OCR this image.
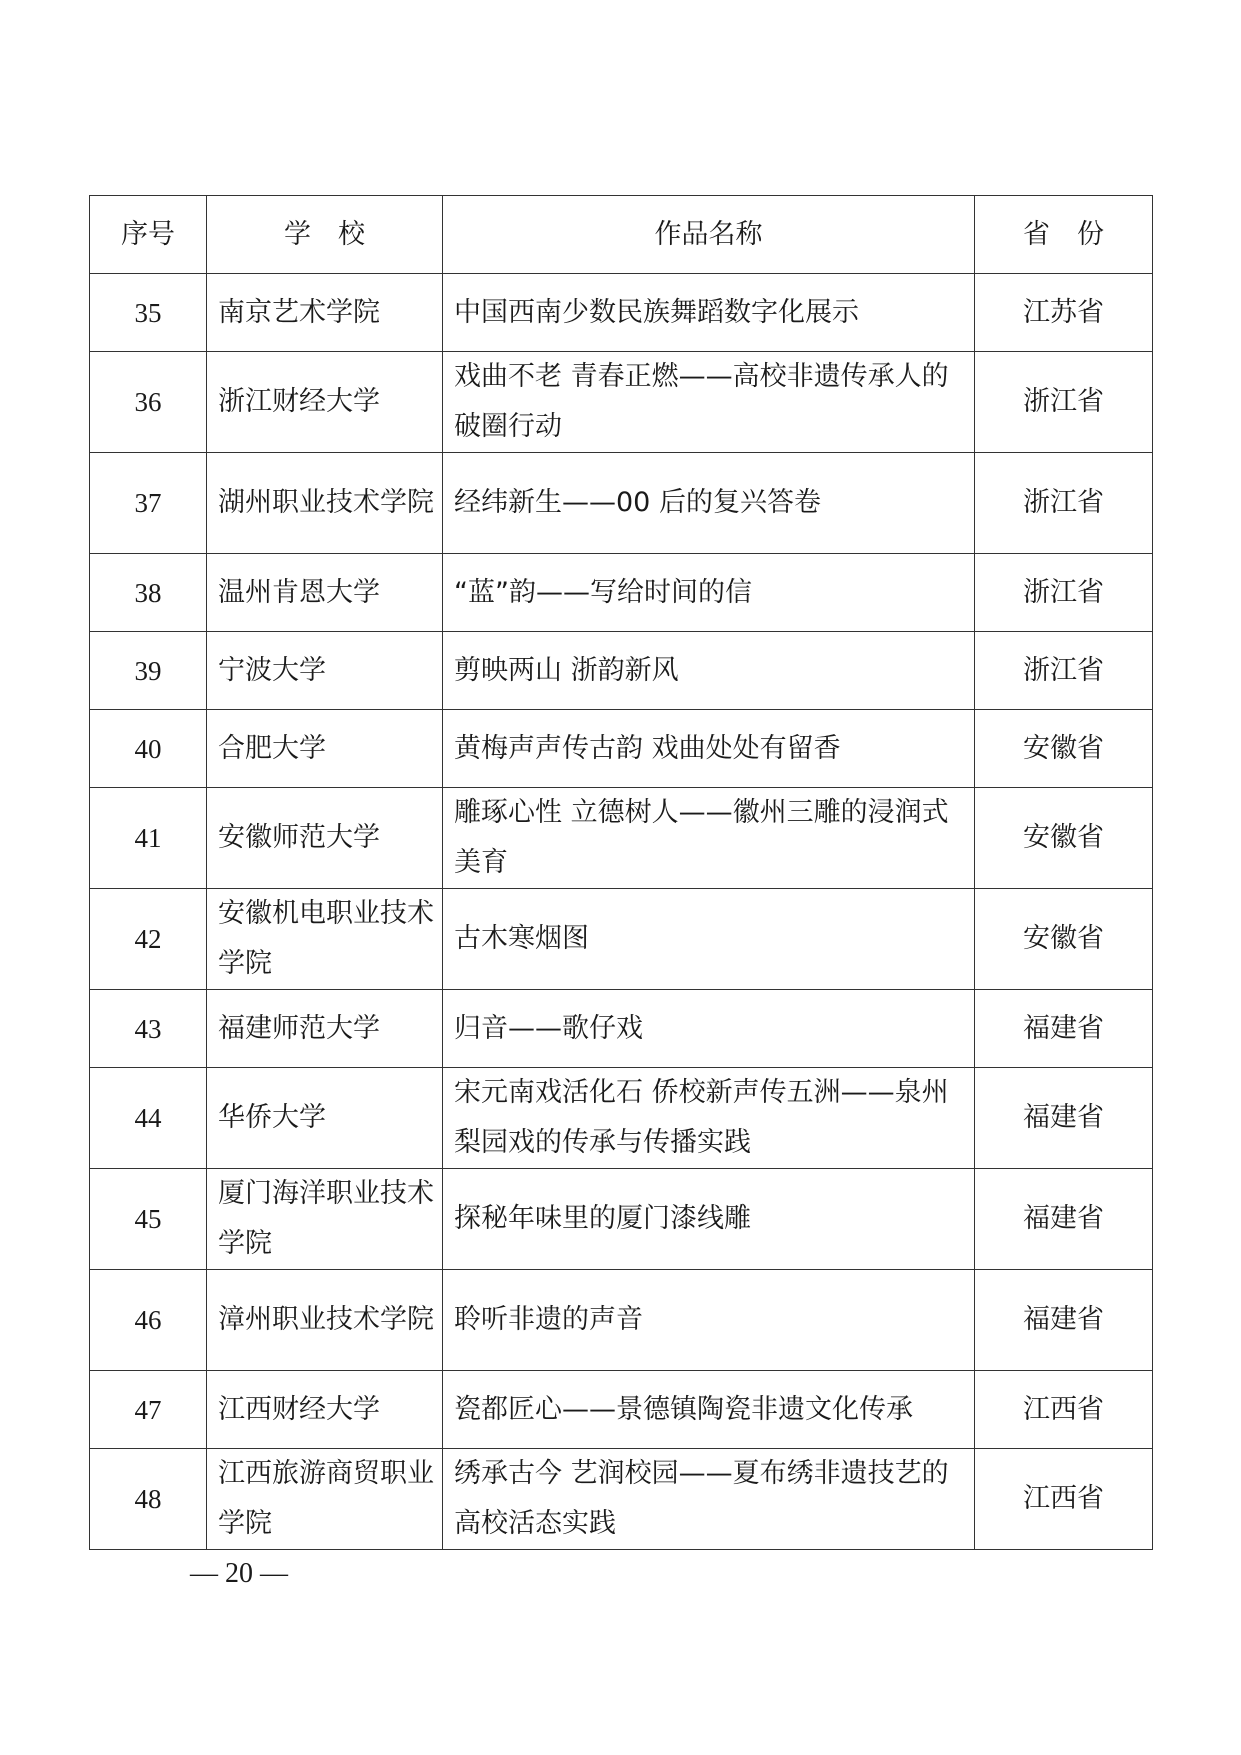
序号	学　校	作品名称	省　份
35	南京艺术学院	中国西南少数民族舞蹈数字化展示	江苏省
36	浙江财经大学	戏曲不老 青春正燃——高校非遗传承人的破圈行动	浙江省
37	湖州职业技术学院	经纬新生——00 后的复兴答卷	浙江省
38	温州肯恩大学	“蓝”韵——写给时间的信	浙江省
39	宁波大学	剪映两山 浙韵新风	浙江省
40	合肥大学	黄梅声声传古韵 戏曲处处有留香	安徽省
41	安徽师范大学	雕琢心性 立德树人——徽州三雕的浸润式美育	安徽省
42	安徽机电职业技术学院	古木寒烟图	安徽省
43	福建师范大学	归音——歌仔戏	福建省
44	华侨大学	宋元南戏活化石 侨校新声传五洲——泉州梨园戏的传承与传播实践	福建省
45	厦门海洋职业技术学院	探秘年味里的厦门漆线雕	福建省
46	漳州职业技术学院	聆听非遗的声音	福建省
47	江西财经大学	瓷都匠心——景德镇陶瓷非遗文化传承	江西省
48	江西旅游商贸职业学院	绣承古今 艺润校园——夏布绣非遗技艺的高校活态实践	江西省
— 20 —
